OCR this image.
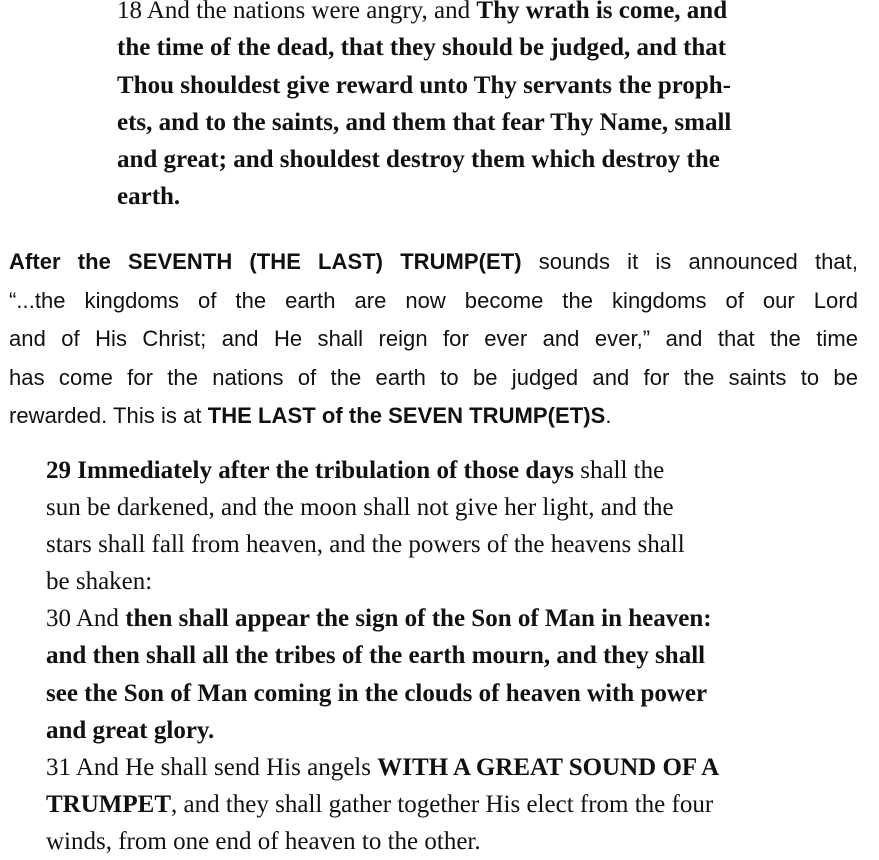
18 And the nations were angry, and Thy wrath is come, and
the time of the dead, that they should be judged, and that
Thou shouldest give reward unto Thy servants the proph-
ets, and to the saints, and them that fear Thy Name, small
and great; and shouldest destroy them which destroy the
earth.
After the SEVENTH (THE LAST) TRUMP(ET) sounds it is announced that,
“...the kingdoms of the earth are now become the kingdoms of our Lord
and of His Christ; and He shall reign for ever and ever,” and that the time
has come for the nations of the earth to be judged and for the saints to be
rewarded. This is at THE LAST of the SEVEN TRUMP(ET)S.
29 Immediately after the tribulation of those days shall the
sun be darkened, and the moon shall not give her light, and the
stars shall fall from heaven, and the powers of the heavens shall
be shaken:
30 And then shall appear the sign of the Son of Man in heaven:
and then shall all the tribes of the earth mourn, and they shall
see the Son of Man coming in the clouds of heaven with power
and great glory.
31 And He shall send His angels WITH A GREAT SOUND OF A
TRUMPET, and they shall gather together His elect from the four
winds, from one end of heaven to the other.
